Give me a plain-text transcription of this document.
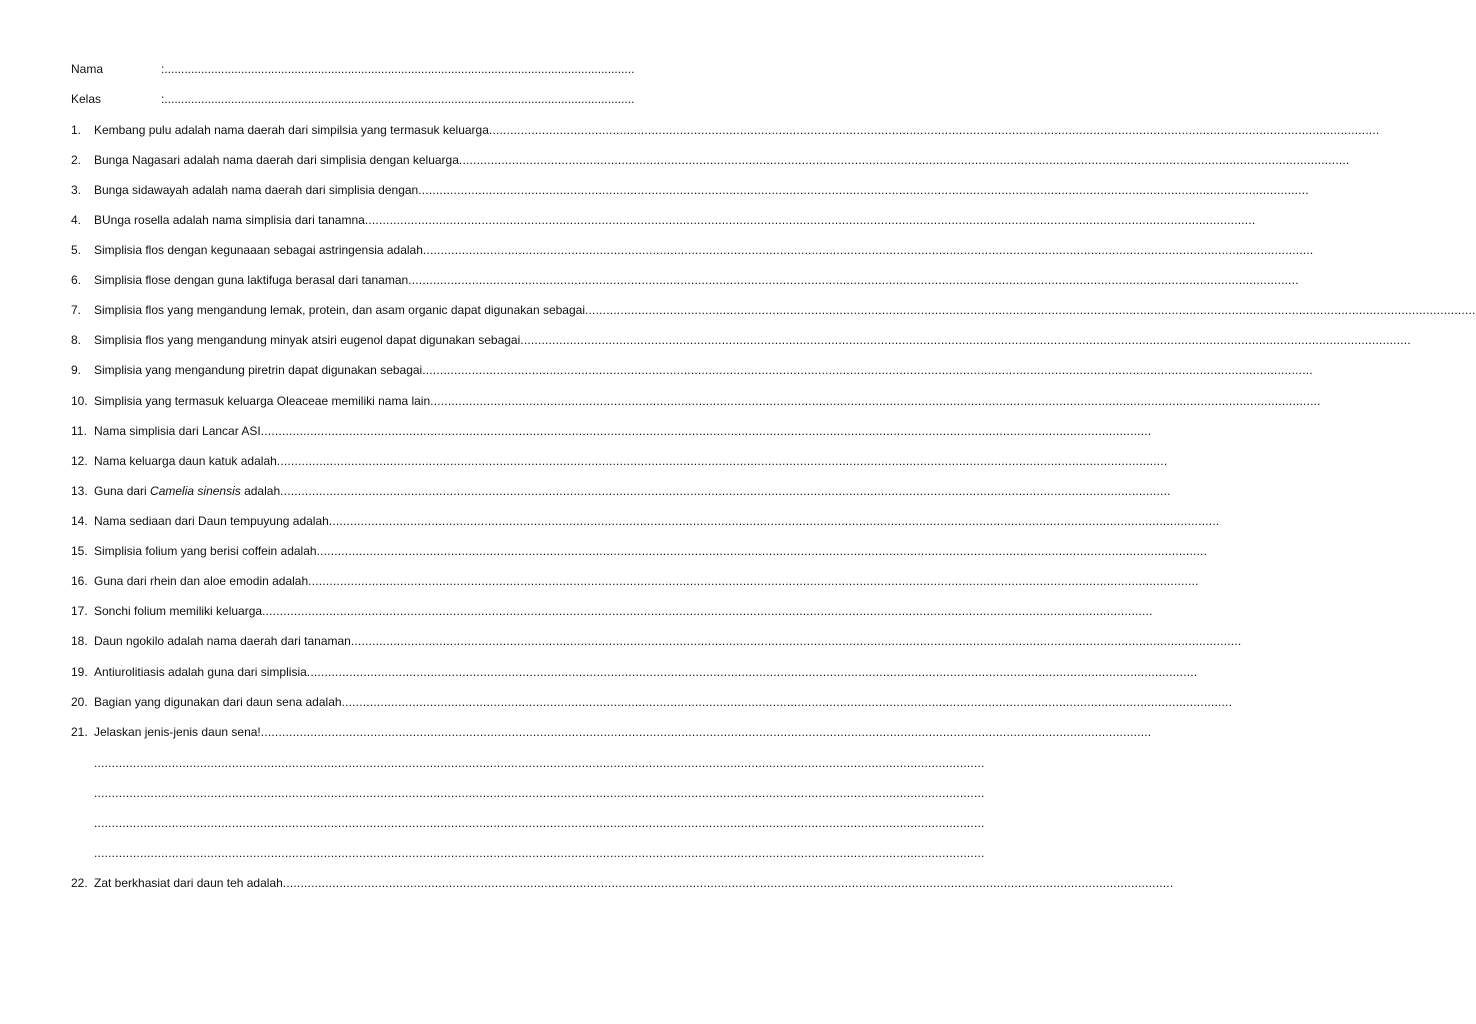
Nama	:.............................................................................................................................................
Kelas	:.............................................................................................................................................
1.	Kembang pulu adalah nama daerah dari simpilsia yang termasuk keluarga ............................................................................................................................................................................................................................................................
2.	Bunga Nagasari adalah nama daerah dari simplisia dengan keluarga ............................................................................................................................................................................................................................................................
3.	Bunga sidawayah adalah nama daerah dari simplisia dengan ............................................................................................................................................................................................................................................................
4.	BUnga rosella adalah nama simplisia dari tanamna ............................................................................................................................................................................................................................................................
5.	Simplisia flos dengan kegunaaan sebagai astringensia adalah ............................................................................................................................................................................................................................................................
6.	Simplisia flose dengan guna laktifuga berasal dari tanaman ............................................................................................................................................................................................................................................................
7.	Simplisia flos yang mengandung lemak, protein, dan asam organic dapat digunakan sebagai ............................................................................................................................................................................................................................................................
8.	Simplisia flos yang mengandung minyak atsiri eugenol dapat digunakan sebagai ............................................................................................................................................................................................................................................................
9.	Simplisia yang mengandung piretrin dapat digunakan sebagai ............................................................................................................................................................................................................................................................
10. Simplisia yang termasuk keluarga Oleaceae memiliki nama lain ............................................................................................................................................................................................................................................................
11. Nama simplisia dari Lancar ASI ............................................................................................................................................................................................................................................................
12. Nama keluarga daun katuk adalah ............................................................................................................................................................................................................................................................
13. Guna dari Camelia sinensis adalah ............................................................................................................................................................................................................................................................
14. Nama sediaan dari Daun tempuyung adalah ............................................................................................................................................................................................................................................................
15. Simplisia folium yang berisi coffein adalah ............................................................................................................................................................................................................................................................
16. Guna dari rhein dan aloe emodin adalah ............................................................................................................................................................................................................................................................
17. Sonchi folium memiliki keluarga ............................................................................................................................................................................................................................................................
18. Daun ngokilo adalah nama daerah dari tanaman ............................................................................................................................................................................................................................................................
19. Antiurolitiasis adalah guna dari simplisia ............................................................................................................................................................................................................................................................
20. Bagian yang digunakan dari daun sena adalah ............................................................................................................................................................................................................................................................
21. Jelaskan jenis-jenis daun sena! ............................................................................................................................................................................................................................................................
............................................................................................................................................................................................................................................................
............................................................................................................................................................................................................................................................
............................................................................................................................................................................................................................................................
............................................................................................................................................................................................................................................................
22. Zat berkhasiat dari daun teh adalah ............................................................................................................................................................................................................................................................
